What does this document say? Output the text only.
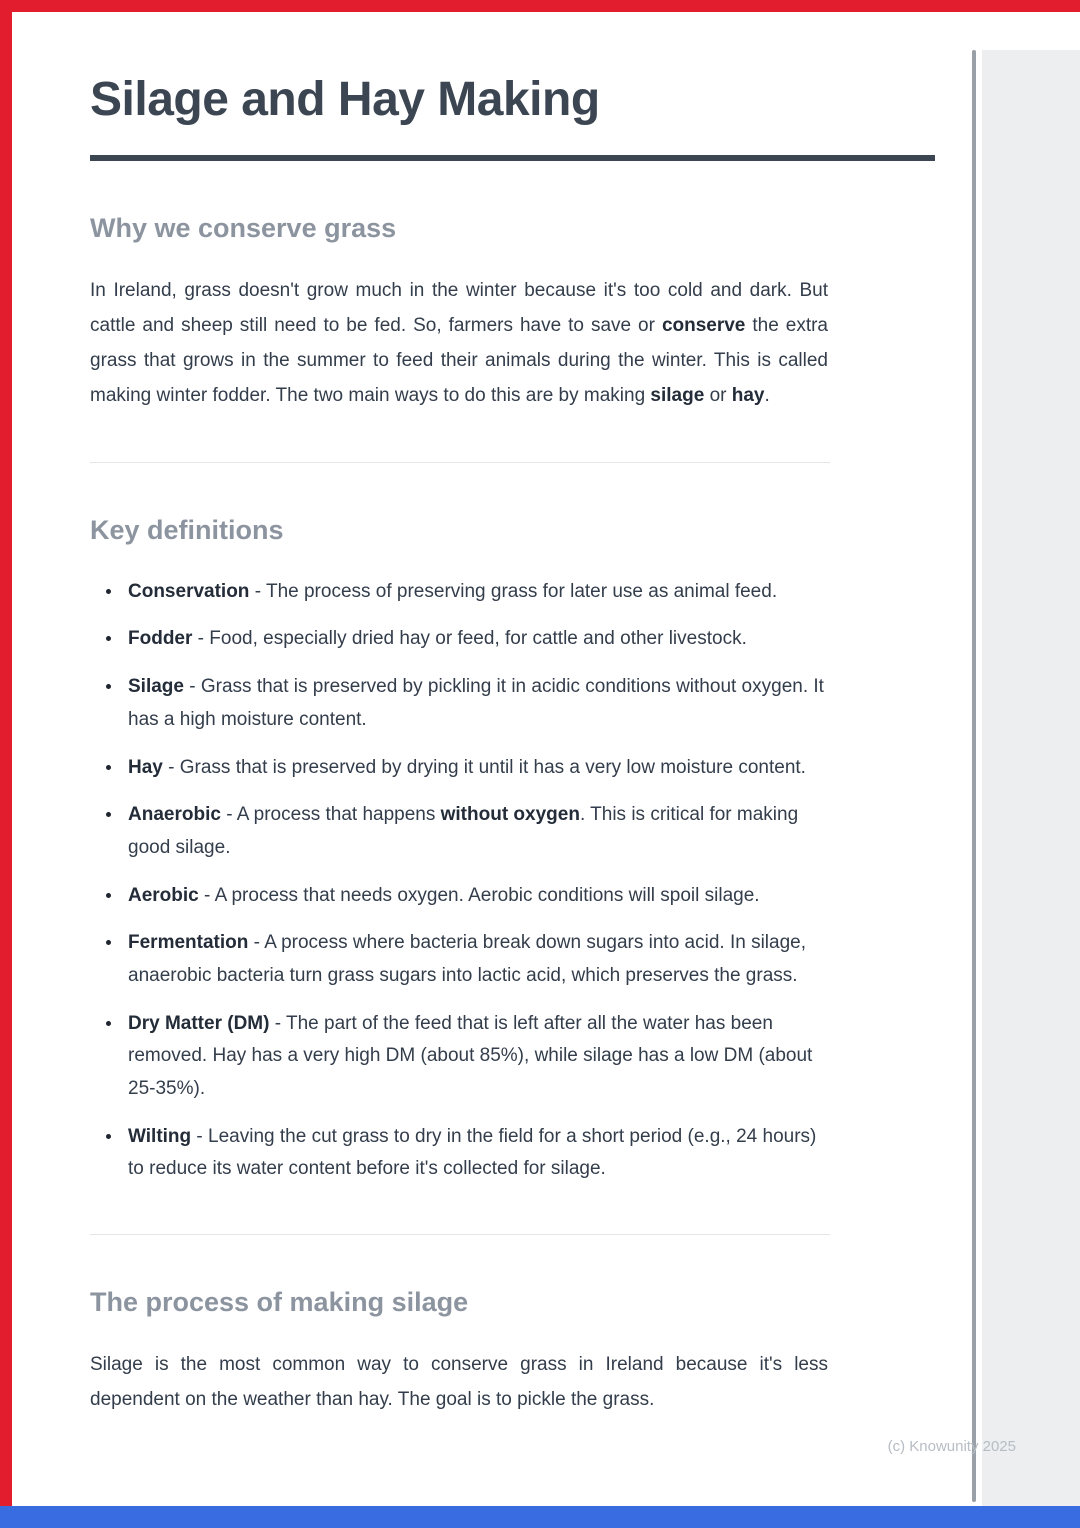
Silage and Hay Making
Why we conserve grass

In Ireland, grass doesn't grow much in the winter because it's too cold and dark. But cattle and sheep still need to be fed. So, farmers have to save or conserve the extra grass that grows in the summer to feed their animals during the winter. This is called making winter fodder. The two main ways to do this are by making silage or hay.

Key definitions
• Conservation - The process of preserving grass for later use as animal feed.
• Fodder - Food, especially dried hay or feed, for cattle and other livestock.
• Silage - Grass that is preserved by pickling it in acidic conditions without oxygen. It has a high moisture content.
• Hay - Grass that is preserved by drying it until it has a very low moisture content.
• Anaerobic - A process that happens without oxygen. This is critical for making good silage.
• Aerobic - A process that needs oxygen. Aerobic conditions will spoil silage.
• Fermentation - A process where bacteria break down sugars into acid. In silage, anaerobic bacteria turn grass sugars into lactic acid, which preserves the grass.
• Dry Matter (DM) - The part of the feed that is left after all the water has been removed. Hay has a very high DM (about 85%), while silage has a low DM (about 25-35%).
• Wilting - Leaving the cut grass to dry in the field for a short period (e.g., 24 hours) to reduce its water content before it's collected for silage.
The process of making silage

Silage is the most common way to conserve grass in Ireland because it's less dependent on the weather than hay. The goal is to pickle the grass.

(c) Knowunity 2025
